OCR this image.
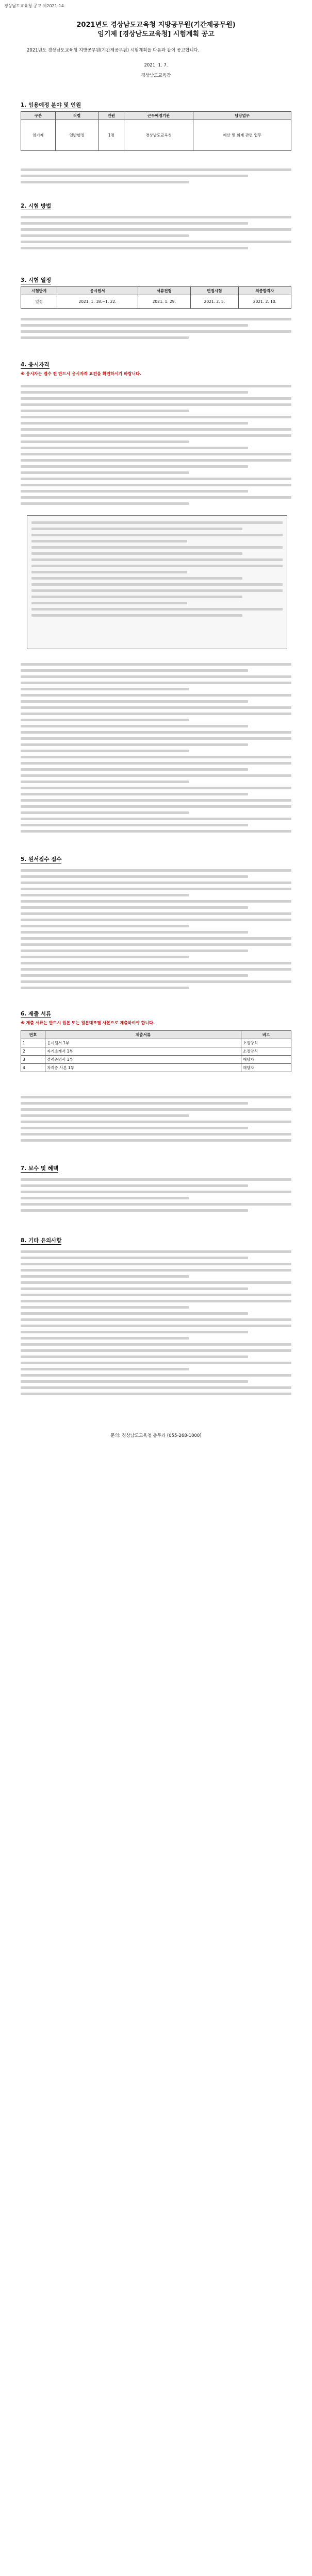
경상남도교육청 공고 제2021-14
2021년도 경상남도교육청 지방공무원(기간제공무원)
임기제 [경상남도교육청] 시험계획 공고
2021년도 경상남도교육청 지방공무원(기간제공무원) 시험계획을 다음과 같이 공고합니다.
2021. 1. 7.
경상남도교육감
1. 임용예정 분야 및 인원
구분	직렬	인원	근무예정기관	담당업무
임기제	일반행정	1명	경상남도교육청	예산 및 회계 관련 업무
2. 시험 방법
3. 시험 일정
시험단계	응시원서	서류전형	면접시험	최종합격자
일정	2021. 1. 18.~1. 22.	2021. 1. 29.	2021. 2. 5.	2021. 2. 10.
4. 응시자격
※ 응시자는 접수 전 반드시 응시자격 요건을 확인하시기 바랍니다.
5. 원서접수 접수
6. 제출 서류
※ 제출 서류는 반드시 원본 또는 원본대조필 사본으로 제출하여야 합니다.
번호	제출서류	비고
1	응시원서 1부	소정양식
2	자기소개서 1부	소정양식
3	경력증명서 1부	해당자
4	자격증 사본 1부	해당자
7. 보수 및 혜택
8. 기타 유의사항
문의: 경상남도교육청 총무과 (055-268-1000)
